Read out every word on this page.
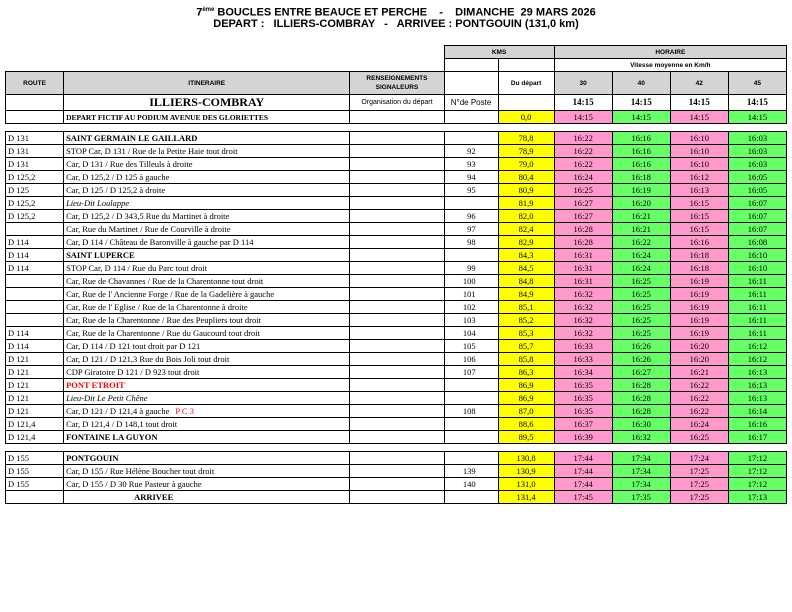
7ème BOUCLES ENTRE BEAUCE ET PERCHE    -    DIMANCHE  29 MARS 2026
DEPART :   ILLIERS-COMBRAY   -   ARRIVEE : PONTGOUIN (131,0 km)
			KMS		HORAIRE			
					Vitesse moyenne en Km/h			
ROUTE	ITINERAIRE	RENSEIGNEMENTS SIGNALEURS		Du départ	30	40	42	45

	ILLIERS-COMBRAY	Organisation du départ	N°de Poste		14:15	14:15	14:15	14:15
	DEPART FICTIF AU PODIUM AVENUE DES GLORIETTES			0,0	14:15	14:15	14:15	14:15

D 131	SAINT GERMAIN LE GAILLARD			78,8	16:22	16:16	16:10	16:03
D 131	STOP Car, D 131 / Rue de la Petite Haie tout droit		92	78,9	16:22	16:16	16:10	16:03
D 131	Car, D 131 / Rue des Tilleuls à droite		93	79,0	16:22	16:16	16:10	16:03
D 125,2	Car, D 125,2 / D 125 à gauche		94	80,4	16:24	16:18	16:12	16:05
D 125	Car, D 125 / D 125,2 à droite		95	80,9	16:25	16:19	16:13	16:05
D 125,2	Lieu-Dit Loulappe			81,9	16:27	16:20	16:15	16:07
D 125,2	Car, D 125,2 / D 343,5 Rue du Martinet à droite		96	82,0	16:27	16:21	16:15	16:07
	Car, Rue du Martinet / Rue de Courville à droite		97	82,4	16:28	16:21	16:15	16:07
D 114	Car, D 114 / Château de Baronville à gauche par D 114		98	82,9	16:28	16:22	16:16	16:08
D 114	SAINT LUPERCE			84,3	16:31	16:24	16:18	16:10
D 114	STOP Car, D 114 / Rue du Parc tout droit		99	84,5	16:31	16:24	16:18	16:10
	Car, Rue de Chavannes / Rue de la Charentonne tout droit		100	84,8	16:31	16:25	16:19	16:11
	Car, Rue de l' Ancienne Forge / Rue de la Gadelière à gauche		101	84,9	16:32	16:25	16:19	16:11
	Car, Rue de l' Eglise / Rue de la Charentonne à droite		102	85,1	16:32	16:25	16:19	16:11
	Car, Rue de la Charentonne / Rue des Peupliers tout droit		103	85,2	16:32	16:25	16:19	16:11
D 114	Car, Rue de la Charentonne / Rue du Gaucourd tout droit		104	85,3	16:32	16:25	16:19	16:11
D 114	Car, D 114 / D 121 tout droit par D 121		105	85,7	16:33	16:26	16:20	16:12
D 121	Car, D 121 / D 121,3 Rue du Bois Joli tout droit		106	85,8	16:33	16:26	16:20	16:12
D 121	CDP Giratoire D 121 / D 923 tout droit		107	86,3	16:34	16:27	16:21	16:13
D 121	PONT ETROIT			86,9	16:35	16:28	16:22	16:13
D 121	Lieu-Dit Le Petit Chêne			86,9	16:35	16:28	16:22	16:13
D 121	Car, D 121 / D 121,4 à gauche P C 3		108	87,0	16:35	16:28	16:22	16:14
D 121,4	Car, D 121,4 / D 148,1 tout droit			88,6	16:37	16:30	16:24	16:16
D 121,4	FONTAINE LA GUYON			89,5	16:39	16:32	16:25	16:17

D 155	PONTGOUIN			130,8	17:44	17:34	17:24	17:12
D 155	Car, D 155 / Rue Hélène Boucher tout droit		139	130,9	17:44	17:34	17:25	17:12
D 155	Car, D 155 / D 30 Rue Pasteur à gauche		140	131,0	17:44	17:34	17:25	17:12
	ARRIVEE			131,4	17:45	17:35	17:25	17:13
